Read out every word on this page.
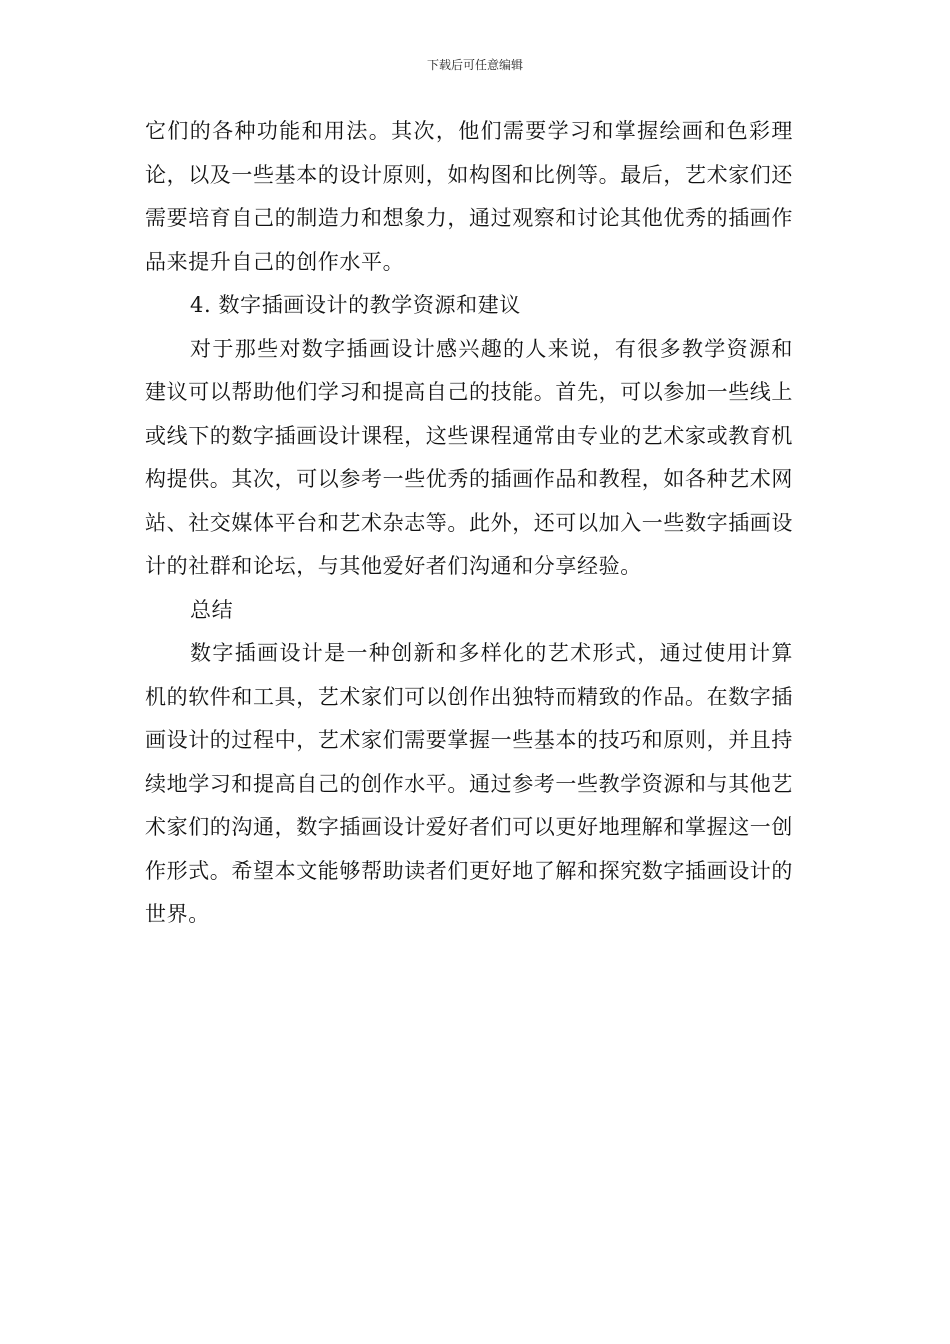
下载后可任意编辑

它们的各种功能和用法。其次，他们需要学习和掌握绘画和色彩理论，以及一些基本的设计原则，如构图和比例等。最后，艺术家们还需要培育自己的制造力和想象力，通过观察和讨论其他优秀的插画作品来提升自己的创作水平。

4. 数字插画设计的教学资源和建议

对于那些对数字插画设计感兴趣的人来说，有很多教学资源和建议可以帮助他们学习和提高自己的技能。首先，可以参加一些线上或线下的数字插画设计课程，这些课程通常由专业的艺术家或教育机构提供。其次，可以参考一些优秀的插画作品和教程，如各种艺术网站、社交媒体平台和艺术杂志等。此外，还可以加入一些数字插画设计的社群和论坛，与其他爱好者们沟通和分享经验。

总结

数字插画设计是一种创新和多样化的艺术形式，通过使用计算机的软件和工具，艺术家们可以创作出独特而精致的作品。在数字插画设计的过程中，艺术家们需要掌握一些基本的技巧和原则，并且持续地学习和提高自己的创作水平。通过参考一些教学资源和与其他艺术家们的沟通，数字插画设计爱好者们可以更好地理解和掌握这一创作形式。希望本文能够帮助读者们更好地了解和探究数字插画设计的世界。
